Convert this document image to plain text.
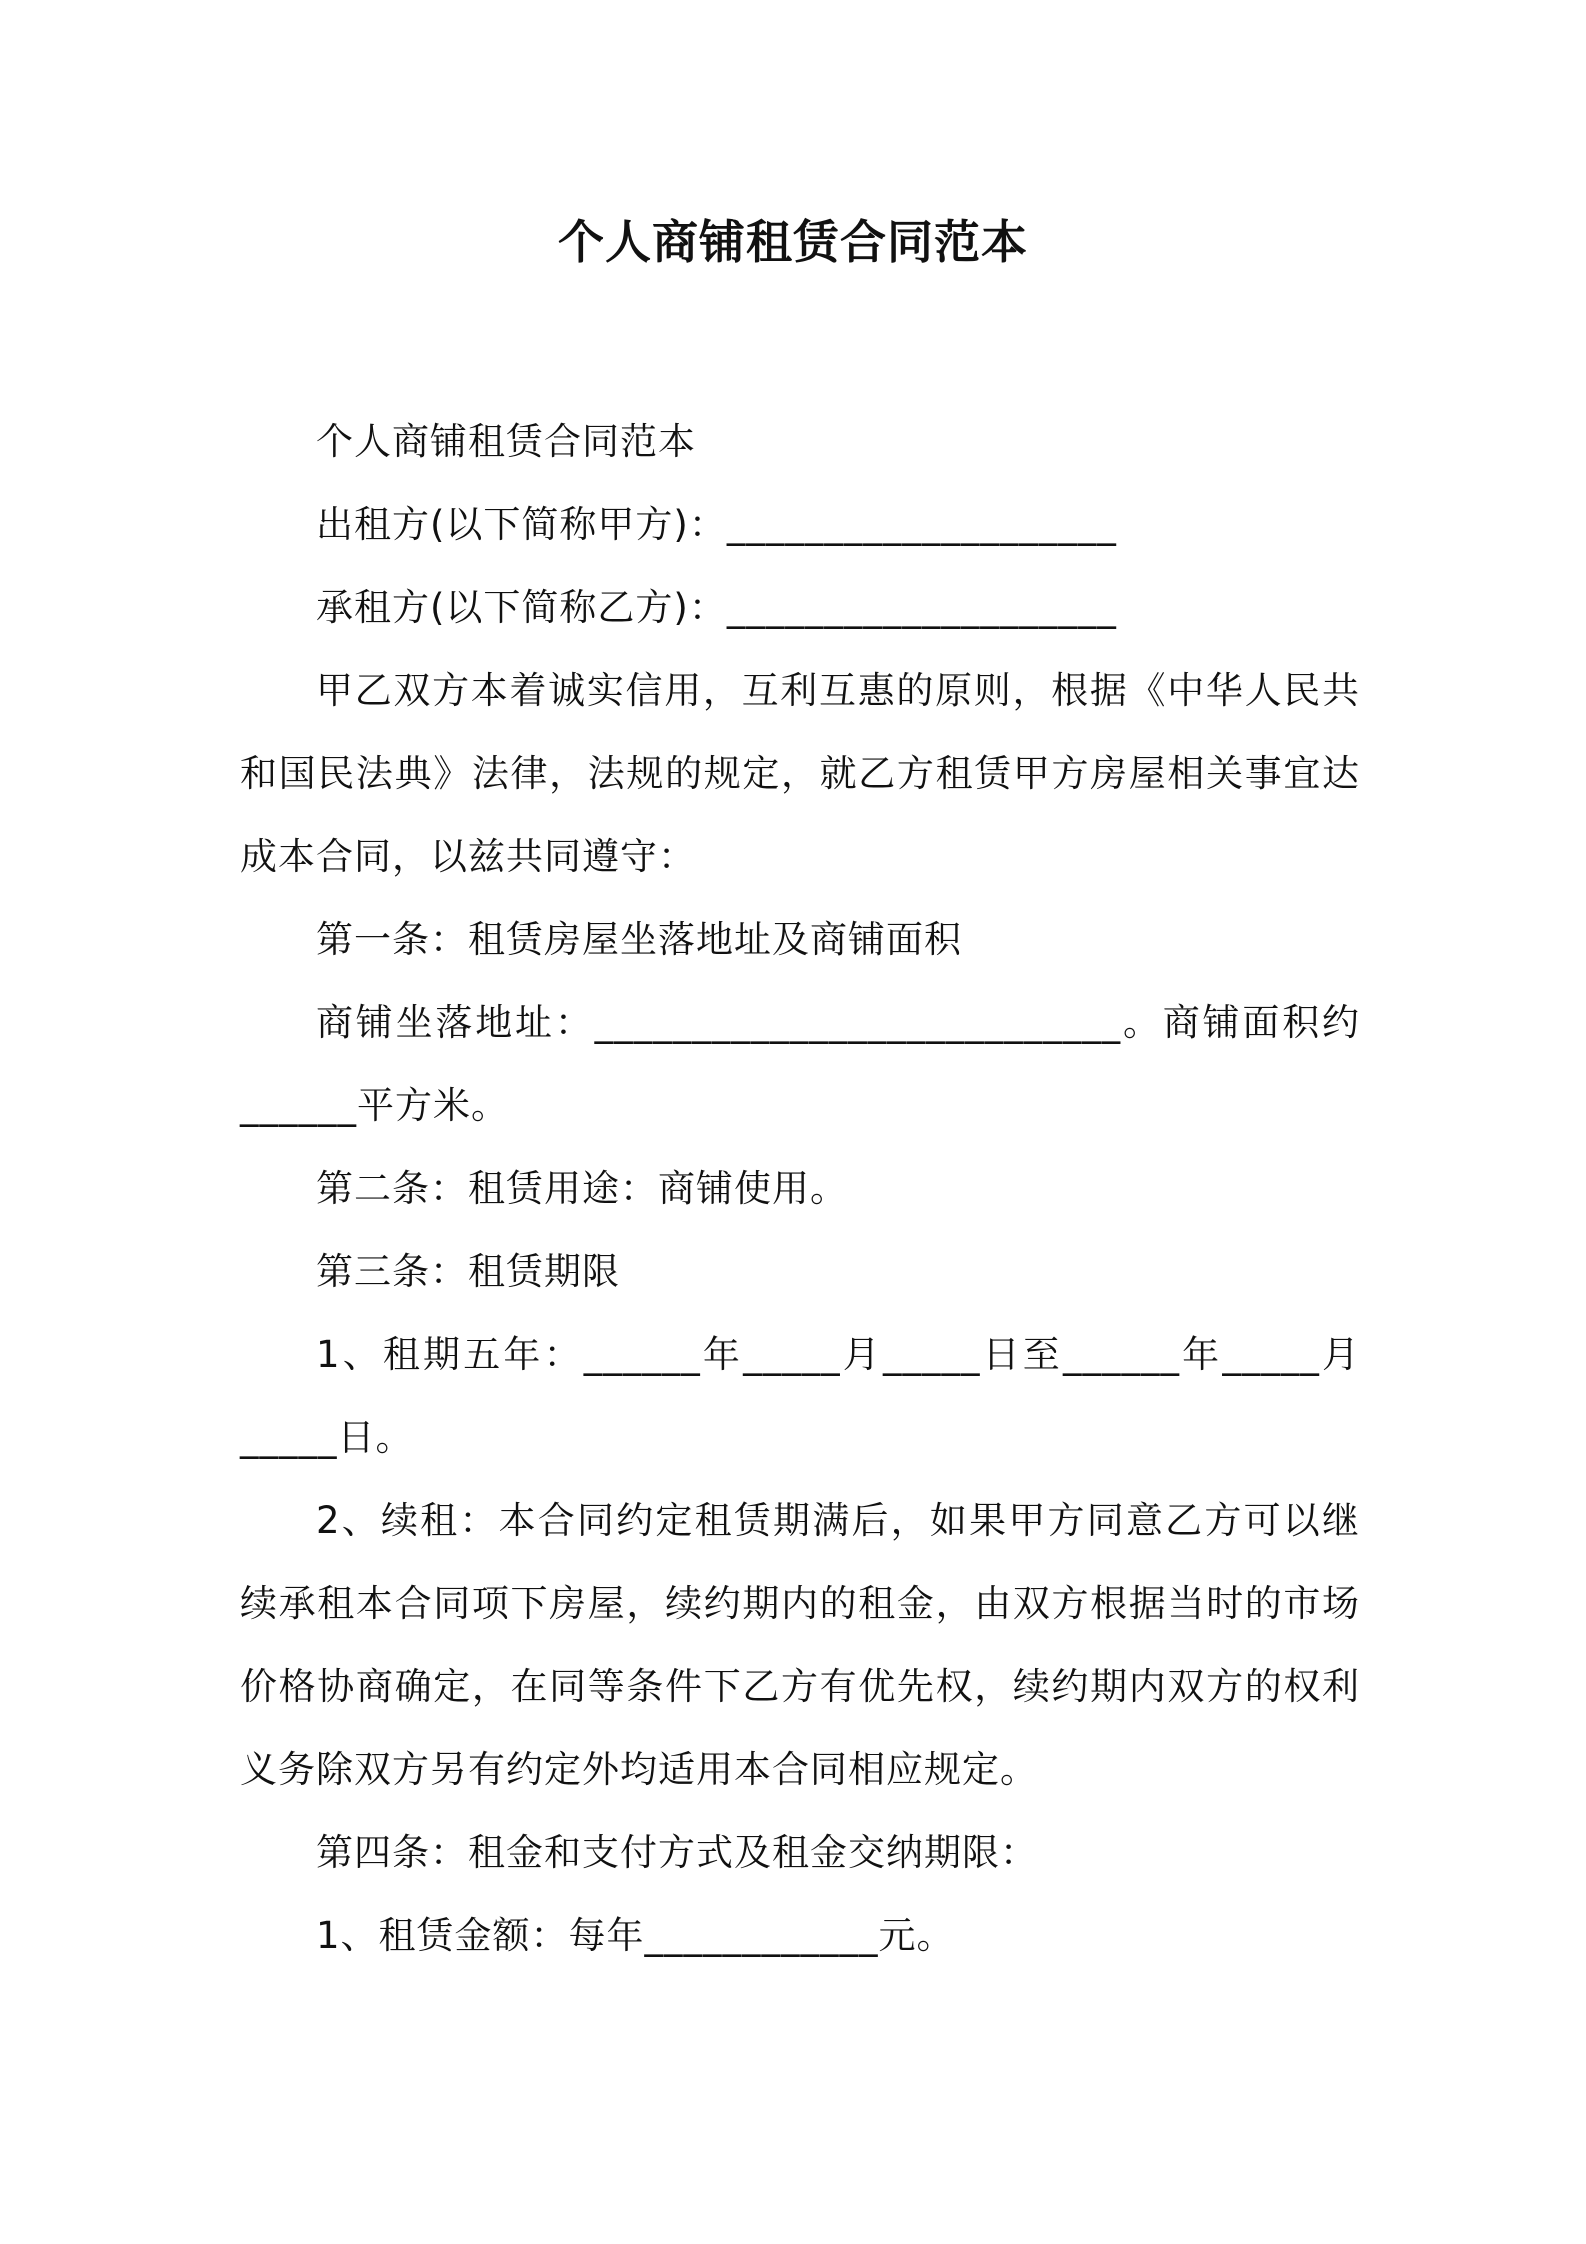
个人商铺租赁合同范本

个人商铺租赁合同范本

出租方(以下简称甲方)：____________________

承租方(以下简称乙方)：____________________

甲乙双方本着诚实信用，互利互惠的原则，根据《中华人民共和国民法典》法律，法规的规定，就乙方租赁甲方房屋相关事宜达成本合同，以兹共同遵守：

第一条：租赁房屋坐落地址及商铺面积

商铺坐落地址：___________________________。商铺面积约______平方米。

第二条：租赁用途：商铺使用。

第三条：租赁期限

1、租期五年：______年_____月_____日至______年_____月_____日。

2、续租：本合同约定租赁期满后，如果甲方同意乙方可以继续承租本合同项下房屋，续约期内的租金，由双方根据当时的市场价格协商确定，在同等条件下乙方有优先权，续约期内双方的权利义务除双方另有约定外均适用本合同相应规定。

第四条：租金和支付方式及租金交纳期限：

1、租赁金额：每年____________元。
